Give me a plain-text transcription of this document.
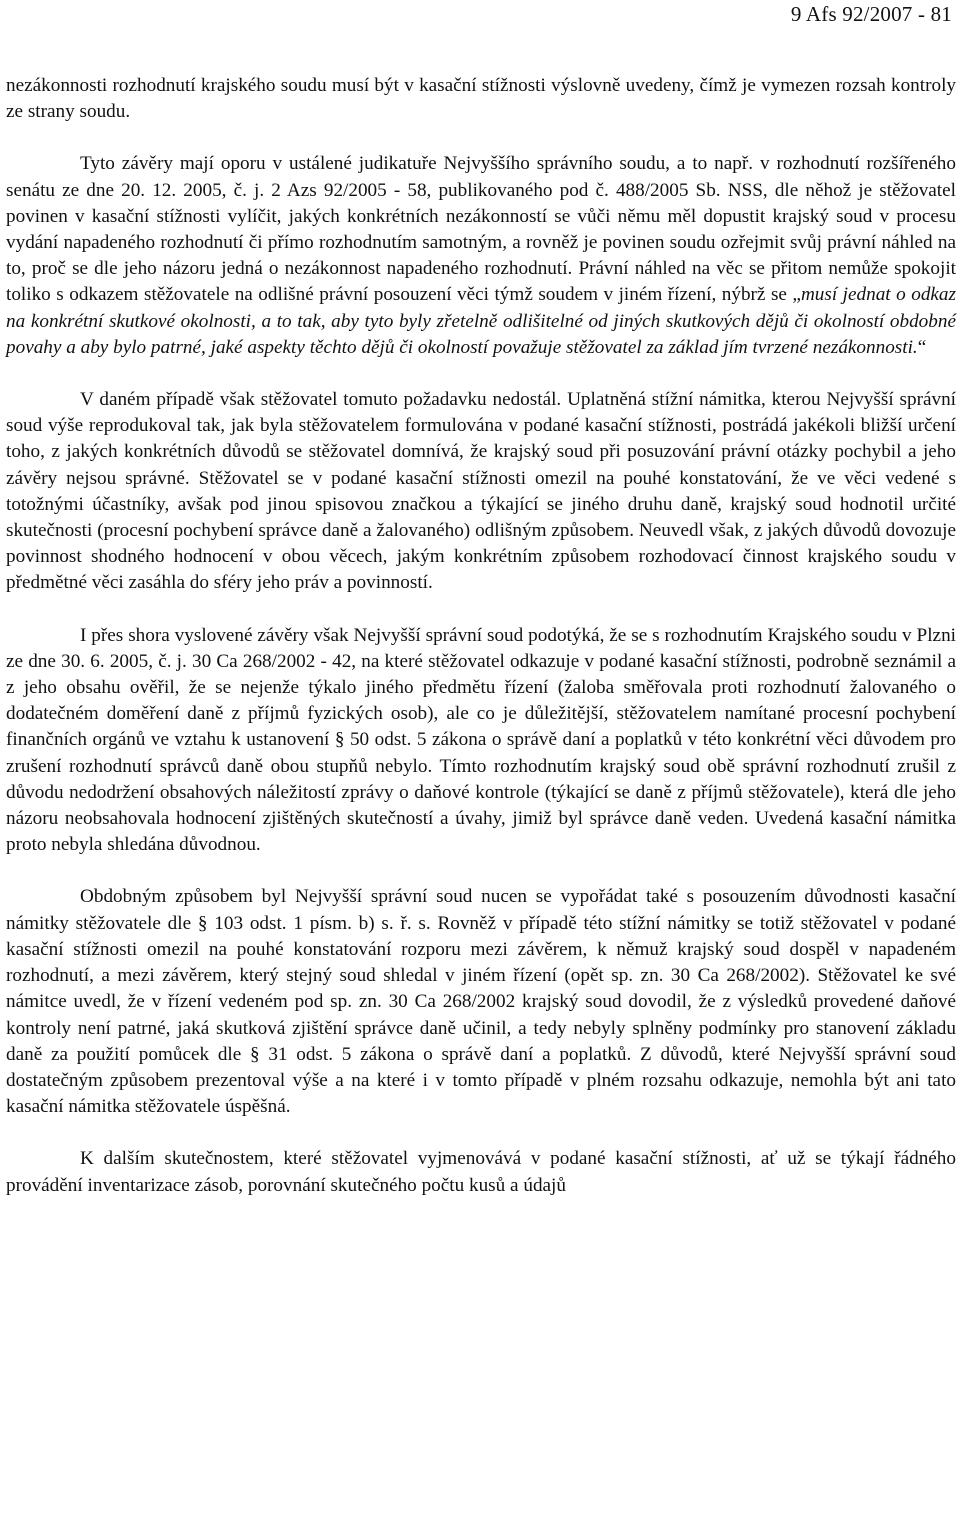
9 Afs 92/2007 - 81

nezákonnosti rozhodnutí krajského soudu musí být v kasační stížnosti výslovně uvedeny, čímž je vymezen rozsah kontroly ze strany soudu.

Tyto závěry mají oporu v ustálené judikatuře Nejvyššího správního soudu, a to např. v rozhodnutí rozšířeného senátu ze dne 20. 12. 2005, č. j. 2 Azs 92/2005 - 58, publikovaného pod č. 488/2005 Sb. NSS, dle něhož je stěžovatel povinen v kasační stížnosti vylíčit, jakých konkrétních nezákonností se vůči němu měl dopustit krajský soud v procesu vydání napadeného rozhodnutí či přímo rozhodnutím samotným, a rovněž je povinen soudu ozřejmit svůj právní náhled na to, proč se dle jeho názoru jedná o nezákonnost napadeného rozhodnutí. Právní náhled na věc se přitom nemůže spokojit toliko s odkazem stěžovatele na odlišné právní posouzení věci týmž soudem v jiném řízení, nýbrž se „musí jednat o odkaz na konkrétní skutkové okolnosti, a to tak, aby tyto byly zřetelně odlišitelné od jiných skutkových dějů či okolností obdobné povahy a aby bylo patrné, jaké aspekty těchto dějů či okolností považuje stěžovatel za základ jím tvrzené nezákonnosti.“

V daném případě však stěžovatel tomuto požadavku nedostál. Uplatněná stížní námitka, kterou Nejvyšší správní soud výše reprodukoval tak, jak byla stěžovatelem formulována v podané kasační stížnosti, postrádá jakékoli bližší určení toho, z jakých konkrétních důvodů se stěžovatel domnívá, že krajský soud při posuzování právní otázky pochybil a jeho závěry nejsou správné. Stěžovatel se v podané kasační stížnosti omezil na pouhé konstatování, že ve věci vedené s totožnými účastníky, avšak pod jinou spisovou značkou a týkající se jiného druhu daně, krajský soud hodnotil určité skutečnosti (procesní pochybení správce daně a žalovaného) odlišným způsobem. Neuvedl však, z jakých důvodů dovozuje povinnost shodného hodnocení v obou věcech, jakým konkrétním způsobem rozhodovací činnost krajského soudu v předmětné věci zasáhla do sféry jeho práv a povinností.

I přes shora vyslovené závěry však Nejvyšší správní soud podotýká, že se s rozhodnutím Krajského soudu v Plzni ze dne 30. 6. 2005, č. j. 30 Ca 268/2002 - 42, na které stěžovatel odkazuje v podané kasační stížnosti, podrobně seznámil a z jeho obsahu ověřil, že se nejenže týkalo jiného předmětu řízení (žaloba směřovala proti rozhodnutí žalovaného o dodatečném doměření daně z příjmů fyzických osob), ale co je důležitější, stěžovatelem namítané procesní pochybení finančních orgánů ve vztahu k ustanovení § 50 odst. 5 zákona o správě daní a poplatků v této konkrétní věci důvodem pro zrušení rozhodnutí správců daně obou stupňů nebylo. Tímto rozhodnutím krajský soud obě správní rozhodnutí zrušil z důvodu nedodržení obsahových náležitostí zprávy o daňové kontrole (týkající se daně z příjmů stěžovatele), která dle jeho názoru neobsahovala hodnocení zjištěných skutečností a úvahy, jimiž byl správce daně veden. Uvedená kasační námitka proto nebyla shledána důvodnou.

Obdobným způsobem byl Nejvyšší správní soud nucen se vypořádat také s posouzením důvodnosti kasační námitky stěžovatele dle § 103 odst. 1 písm. b) s. ř. s. Rovněž v případě této stížní námitky se totiž stěžovatel v podané kasační stížnosti omezil na pouhé konstatování rozporu mezi závěrem, k němuž krajský soud dospěl v napadeném rozhodnutí, a mezi závěrem, který stejný soud shledal v jiném řízení (opět sp. zn. 30 Ca 268/2002). Stěžovatel ke své námitce uvedl, že v řízení vedeném pod sp. zn. 30 Ca 268/2002 krajský soud dovodil, že z výsledků provedené daňové kontroly není patrné, jaká skutková zjištění správce daně učinil, a tedy nebyly splněny podmínky pro stanovení základu daně za použití pomůcek dle § 31 odst. 5 zákona o správě daní a poplatků. Z důvodů, které Nejvyšší správní soud dostatečným způsobem prezentoval výše a na které i v tomto případě v plném rozsahu odkazuje, nemohla být ani tato kasační námitka stěžovatele úspěšná.

K dalším skutečnostem, které stěžovatel vyjmenovává v podané kasační stížnosti, ať už se týkají řádného provádění inventarizace zásob, porovnání skutečného počtu kusů a údajů
